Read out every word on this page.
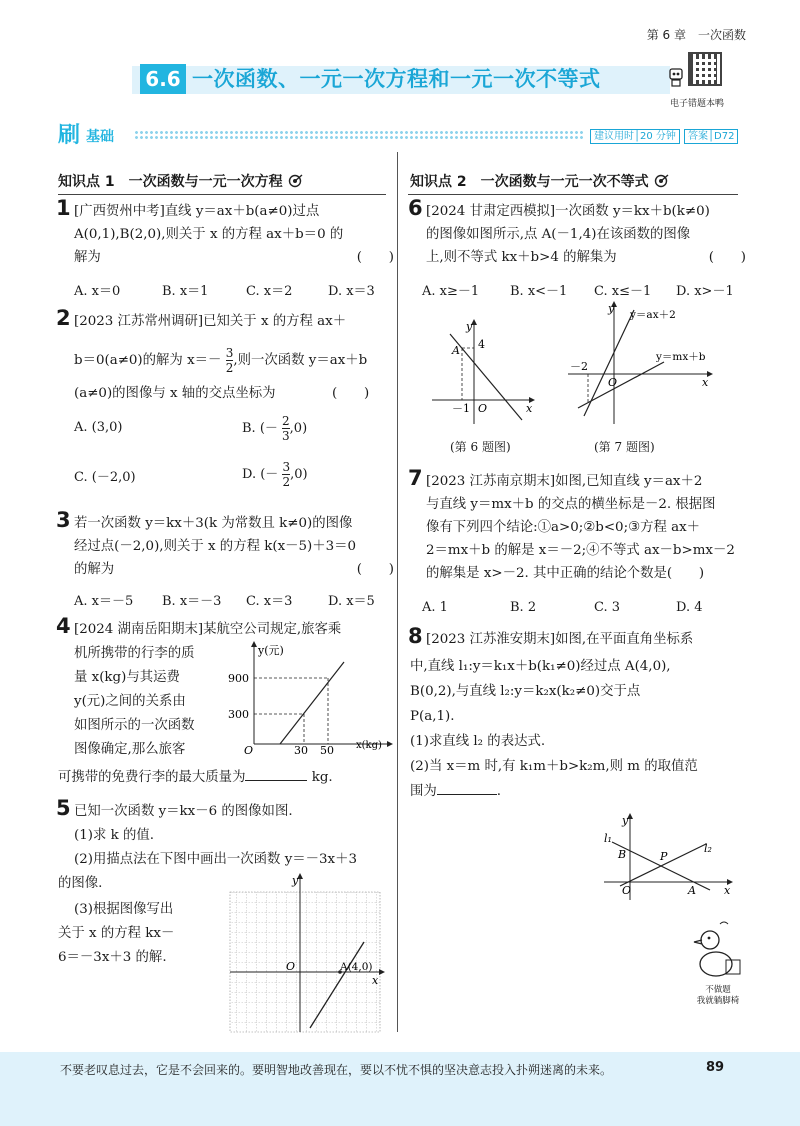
第 6 章　一次函数
6.6 一次函数、一元一次方程和一元一次不等式
电子错题本鸭
刷 基础	建议用时│20 分钟	答案│D72
知识点 1　一次函数与一元一次方程
1 [广西贺州中考]直线 y＝ax＋b(a≠0)过点
A(0,1),B(2,0),则关于 x 的方程 ax＋b＝0 的
解为	(　　)
A. x＝0	B. x＝1	C. x＝2	D. x＝3
2 [2023 江苏常州调研]已知关于 x 的方程 ax＋
b＝0(a≠0)的解为 $x=- \frac{3}{2}$ ,则一次函数 y＝ax＋b
(a≠0)的图像与 x 轴的交点坐标为	(　　)
A. (3,0)	B. (－ $\frac{2}{3} ,0$)
C. (－2,0)	D. (－ $\frac{3}{2} ,0$)
3 若一次函数 y＝kx＋3(k 为常数且 k≠0)的图像
经过点(－2,0),则关于 x 的方程 k(x－5)＋3＝0
的解为	(　　)
A. x＝－5 B. x＝－3 C. x＝3	D. x＝5
4 [2024 湖南岳阳期末]某航空公司规定,旅客乘
机所携带的行李的质
量 x(kg)与其运费
y(元)之间的关系由
如图所示的一次函数
图像确定,那么旅客
可携带的免费行李的最大质量为	kg.
y(元)
x(kg)
O
900
300
30 50
5 已知一次函数 y＝kx－6 的图像如图.
(1)求 k 的值.
(2)用描点法在下图中画出一次函数 y＝－3x＋3
的图像.
(3)根据图像写出
关于 x 的方程 kx－
6＝－3x＋3 的解.
y
x
O	A(4,0)
知识点 2　一次函数与一元一次不等式
6 [2024 甘肃定西模拟]一次函数 y＝kx＋b(k≠0)
的图像如图所示,点 A(－1,4)在该函数的图像
上,则不等式 kx＋b>4 的解集为	(　　)
A. x≥－1 B. x<－1 C. x≤－1 D. x>－1
y
x
A 4
－1 O
(第 6 题图)
y
x
y＝ax＋2
y＝mx＋b
－2
O
(第 7 题图)
7 [2023 江苏南京期末]如图,已知直线 y＝ax＋2
与直线 y＝mx＋b 的交点的横坐标是－2. 根据图
像有下列四个结论:①a>0;②b<0;③方程 ax＋
2＝mx＋b 的解是 x＝－2;④不等式 ax－b>mx－2
的解集是 x>－2. 其中正确的结论个数是(　　)
A. 1	B. 2	C. 3	D. 4
8 [2023 江苏淮安期末]如图,在平面直角坐标系
中,直线 l₁:y＝k₁x＋b(k₁≠0)经过点 A(4,0),
B(0,2),与直线 l₂:y＝k₂x(k₂≠0)交于点
P(a,1).
(1)求直线 l₂ 的表达式.
(2)当 x＝m 时,有 k₁m＋b>k₂m,则 m 的取值范
围为	.
y
x
l₁
l₂
B	P
A
O
不做题
我就躺脚椅
不要老叹息过去，它是不会回来的。要明智地改善现在，要以不忧不惧的坚决意志投入扑朔迷离的未来。	89
